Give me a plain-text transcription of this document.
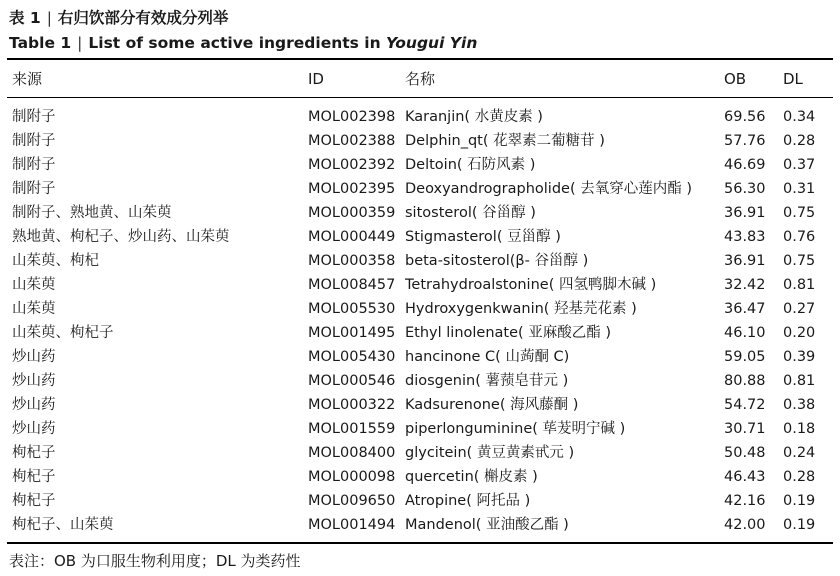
表 1 | 右归饮部分有效成分列举
Table 1 | List of some active ingredients in Yougui Yin
来源	ID	名称	OB DL
制附子	MOL002398 Karanjin( 水黄皮素 )	69.56 0.34
制附子	MOL002388 Delphin_qt( 花翠素二葡糖苷 )	57.76 0.28
制附子	MOL002392 Deltoin( 石防风素 )	46.69 0.37
制附子	MOL002395 Deoxyandrographolide( 去氧穿心莲内酯 ) 56.30 0.31
制附子、熟地黄、山茱萸	MOL000359 sitosterol( 谷甾醇 )	36.91 0.75
熟地黄、枸杞子、炒山药、山茱萸	MOL000449 Stigmasterol( 豆甾醇 )	43.83 0.76
山茱萸、枸杞	MOL000358 beta-sitosterol(β- 谷甾醇 )	36.91 0.75
山茱萸	MOL008457 Tetrahydroalstonine( 四氢鸭脚木碱 )	32.42 0.81
山茱萸	MOL005530 Hydroxygenkwanin( 羟基芫花素 )	36.47 0.27
山茱萸、枸杞子	MOL001495 Ethyl linolenate( 亚麻酸乙酯 )	46.10 0.20
炒山药	MOL005430 hancinone C( 山蒟酮 C)	59.05 0.39
炒山药	MOL000546 diosgenin( 薯蓣皂苷元 )	80.88 0.81
炒山药	MOL000322 Kadsurenone( 海风藤酮 )	54.72 0.38
炒山药	MOL001559 piperlonguminine( 荜茇明宁碱 )	30.71 0.18
枸杞子	MOL008400 glycitein( 黄豆黄素甙元 )	50.48 0.24
枸杞子	MOL000098 quercetin( 槲皮素 )	46.43 0.28
枸杞子	MOL009650 Atropine( 阿托品 )	42.16 0.19
枸杞子、山茱萸	MOL001494 Mandenol( 亚油酸乙酯 )	42.00 0.19
表注：OB 为口服生物利用度；DL 为类药性
